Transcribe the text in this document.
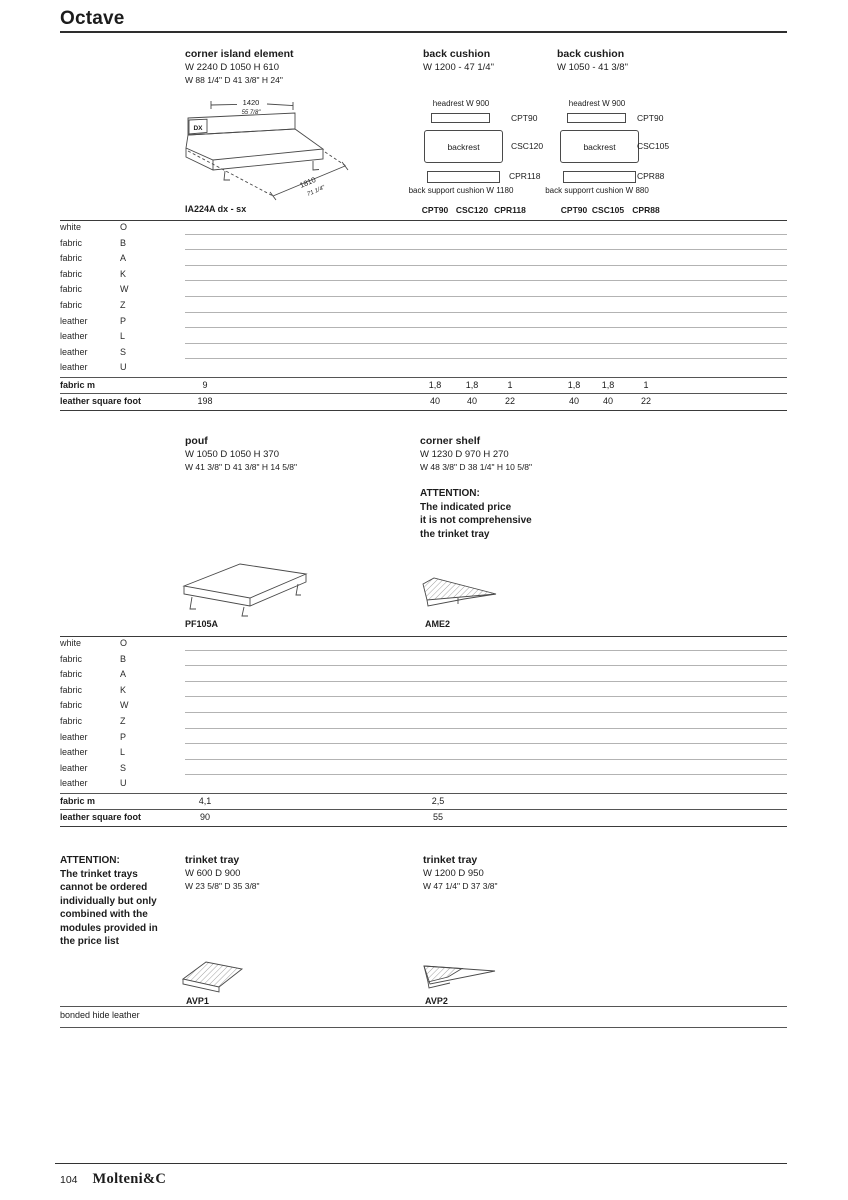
Octave
corner island element
W 2240 D 1050 H 610
W 88 1/4" D 41 3/8" H 24"
back cushion
W 1200 - 47 1/4"
back cushion
W 1050 - 41 3/8"
1420
55 7/8"
DX
1810
71 1/4"
headrest W 900
CPT90
backrest	CSC120
CPR118
back support cushion W 1180
headrest W 900
CPT90
backrest	CSC105
CPR88
back supporrt cushion W 880
IA224A dx - sx	CPT90 CSC120 CPR118	CPT90 CSC105 CPR88
white	O
fabric	B
fabric	A
fabric	K
fabric	W
fabric	Z
leather	P
leather	L
leather	S
leather	U
fabric m	9	1,8	1,8	1	1,8	1,8	1
leather square foot	198	40	40	22	40	40	22
pouf
W 1050 D 1050 H 370
W 41 3/8" D 41 3/8" H 14 5/8"
corner shelf
W 1230 D 970 H 270
W 48 3/8" D 38 1/4" H 10 5/8"
ATTENTION:
The indicated price
it is not comprehensive
the trinket tray
PF105A	AME2
white	O
fabric	B
fabric	A
fabric	K
fabric	W
fabric	Z
leather	P
leather	L
leather	S
leather	U
fabric m	4,1	2,5
leather square foot	90	55
ATTENTION:
The trinket trays
cannot be ordered
individually but only
combined with the
modules provided in
the price list
trinket tray
W 600 D 900
W 23 5/8" D 35 3/8"
trinket tray
W 1200 D 950
W 47 1/4" D 37 3/8"
AVP1	AVP2
bonded hide leather
104 Molteni&C
